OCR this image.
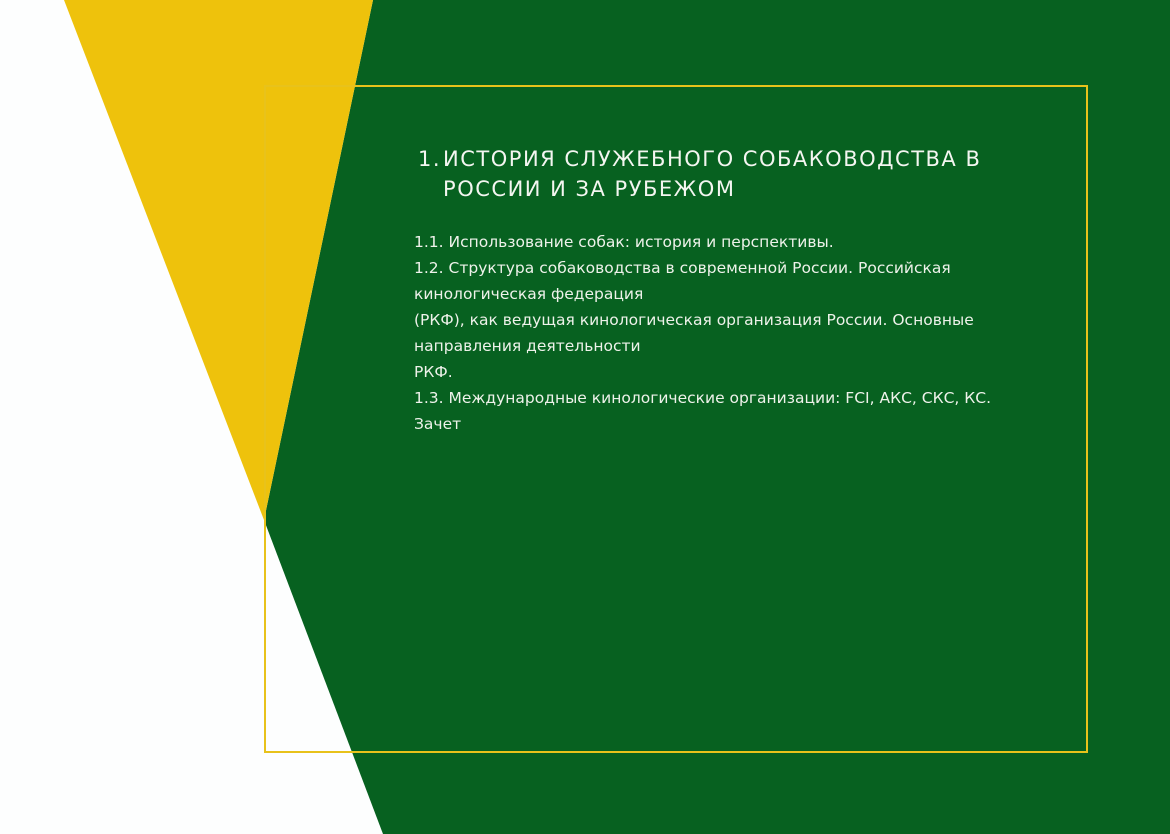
1. ИСТОРИЯ СЛУЖЕБНОГО СОБАКОВОДСТВА В РОССИИ И ЗА РУБЕЖОМ
1.1. Использование собак: история и перспективы.
1.2. Структура собаководства в современной России. Российская
кинологическая федерация
(РКФ), как ведущая кинологическая организация России. Основные
направления деятельности
РКФ.
1.3. Международные кинологические организации: FCI, АКС, СКС, КС.
Зачет
